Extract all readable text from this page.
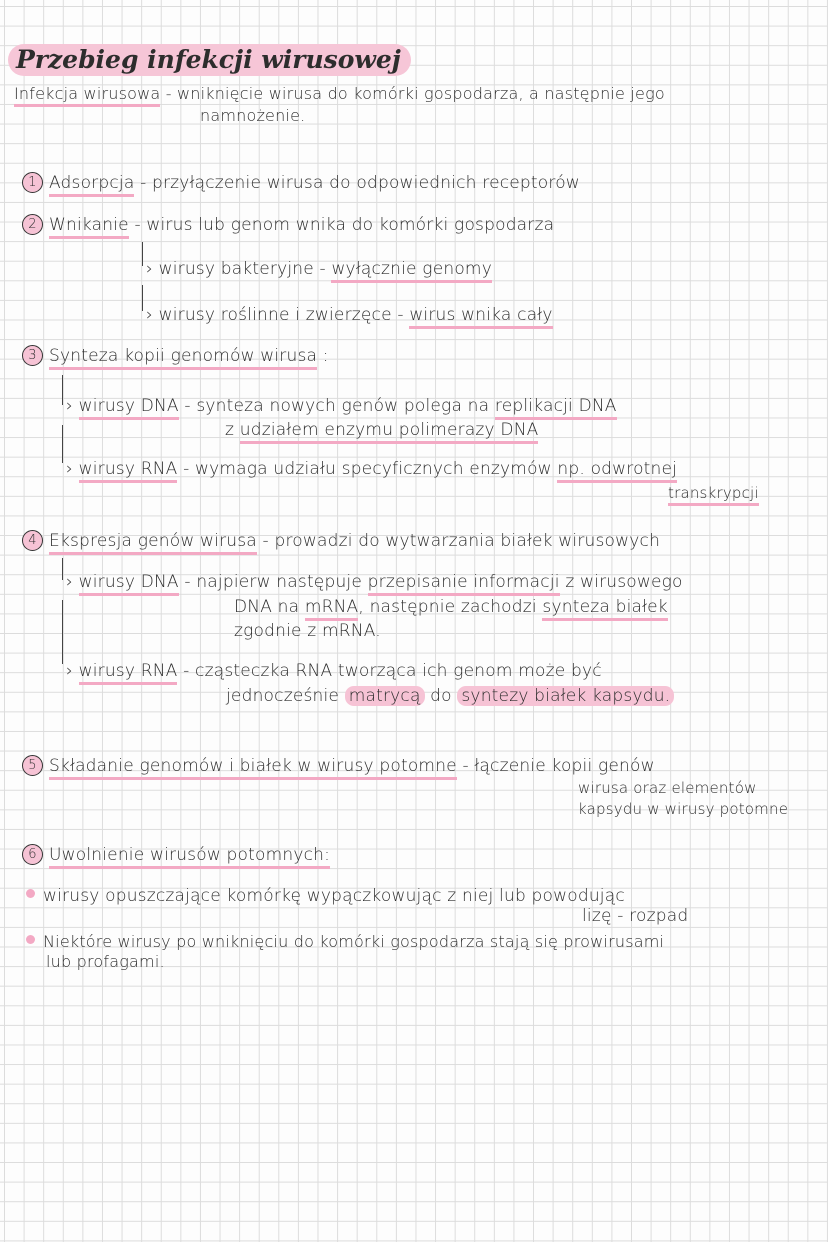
Przebieg infekcji wirusowej
Infekcja wirusowa - wniknięcie wirusa do komórki gospodarza, a następnie jego
namnożenie.
1 Adsorpcja - przyłączenie wirusa do odpowiednich receptorów
2 Wnikanie - wirus lub genom wnika do komórki gospodarza
› wirusy bakteryjne - wyłącznie genomy
› wirusy roślinne i zwierzęce - wirus wnika cały
3 Synteza kopii genomów wirusa :
› wirusy DNA - synteza nowych genów polega na replikacji DNA
z udziałem enzymu polimerazy DNA
› wirusy RNA - wymaga udziału specyficznych enzymów np. odwrotnej
transkrypcji
4 Ekspresja genów wirusa - prowadzi do wytwarzania białek wirusowych
› wirusy DNA - najpierw następuje przepisanie informacji z wirusowego
DNA na mRNA, następnie zachodzi synteza białek
zgodnie z mRNA.
› wirusy RNA - cząsteczka RNA tworząca ich genom może być
jednocześnie matrycą do syntezy białek kapsydu.
5 Składanie genomów i białek w wirusy potomne - łączenie kopii genów
wirusa oraz elementów
kapsydu w wirusy potomne
6 Uwolnienie wirusów potomnych:
wirusy opuszczające komórkę wypączkowując z niej lub powodując
lizę - rozpad
Niektóre wirusy po wniknięciu do komórki gospodarza stają się prowirusami
lub profagami.
